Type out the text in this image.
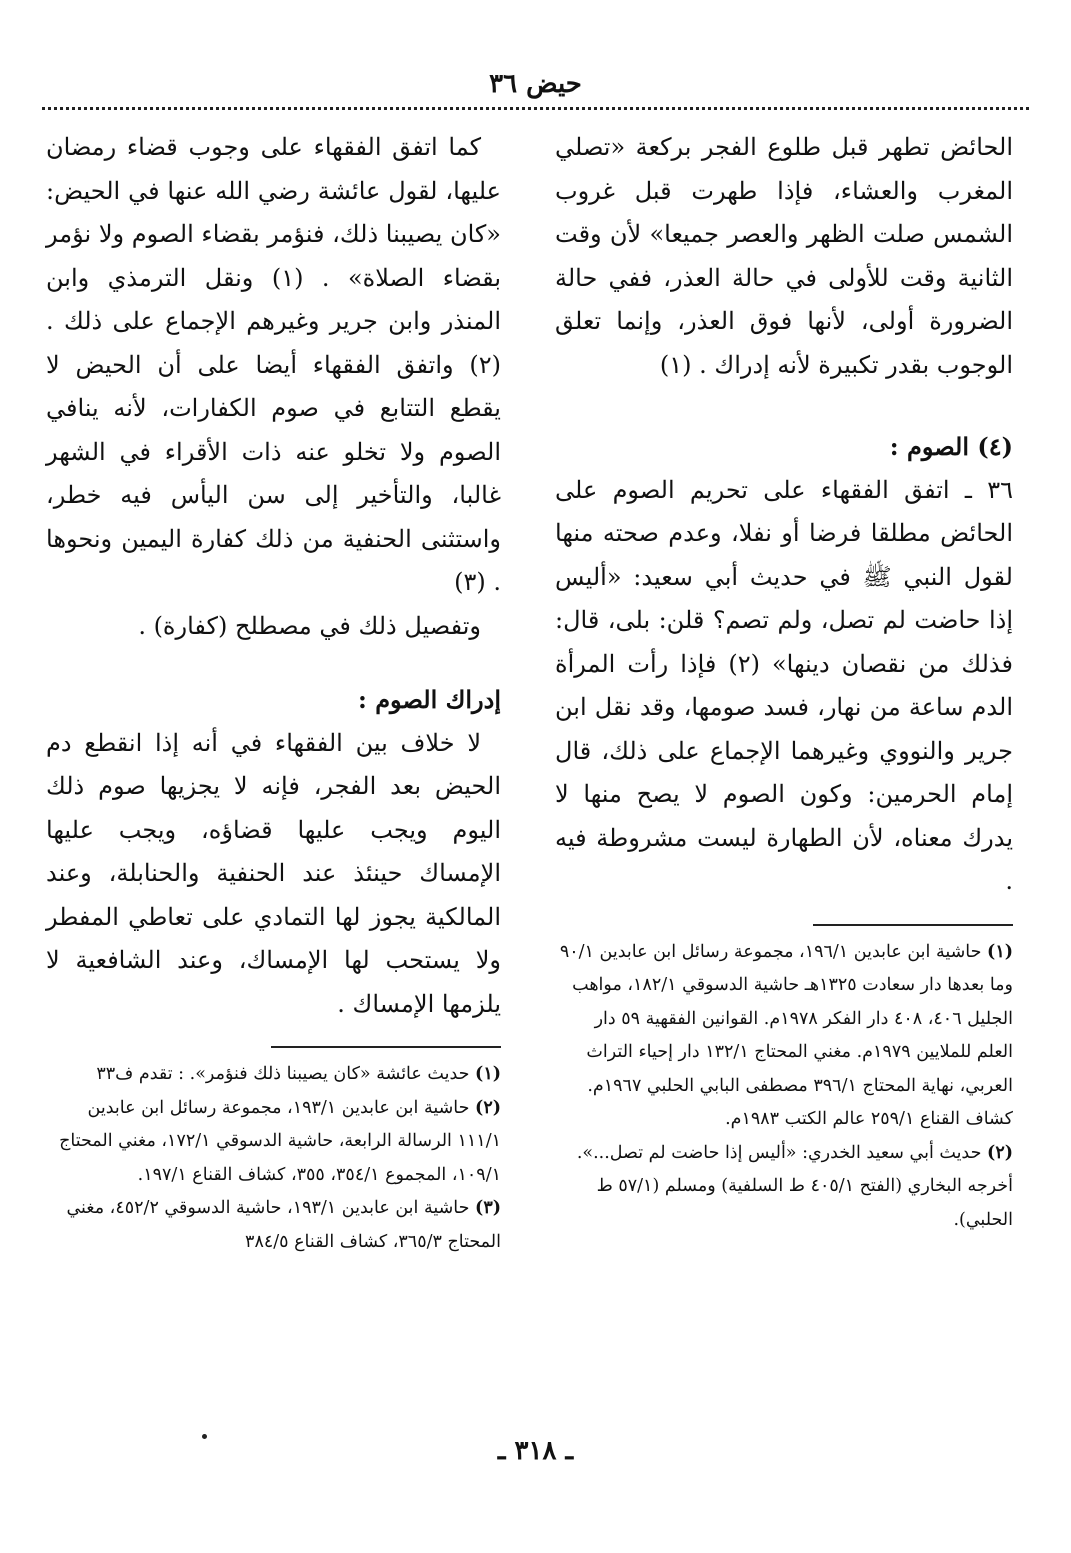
حيض ٣٦

الحائض تطهر قبل طلوع الفجر بركعة «تصلي المغرب والعشاء، فإذا طهرت قبل غروب الشمس صلت الظهر والعصر جميعا» لأن وقت الثانية وقت للأولى في حالة العذر، ففي حالة الضرورة أولى، لأنها فوق العذر، وإنما تعلق الوجوب بقدر تكبيرة لأنه إدراك . (١)

(٤) الصوم :

٣٦ ـ اتفق الفقهاء على تحريم الصوم على الحائض مطلقا فرضا أو نفلا، وعدم صحته منها لقول النبي ﷺ في حديث أبي سعيد: «أليس إذا حاضت لم تصل، ولم تصم؟ قلن: بلى، قال: فذلك من نقصان دينها» (٢) فإذا رأت المرأة الدم ساعة من نهار، فسد صومها، وقد نقل ابن جرير والنووي وغيرهما الإجماع على ذلك، قال إمام الحرمين: وكون الصوم لا يصح منها لا يدرك معناه، لأن الطهارة ليست مشروطة فيه .

(١) حاشية ابن عابدين ١٩٦/١، مجموعة رسائل ابن عابدين ٩٠/١ وما بعدها دار سعادت ١٣٢٥هـ حاشية الدسوقي ١٨٢/١، مواهب الجليل ٤٠٦، ٤٠٨ دار الفكر ١٩٧٨م. القوانين الفقهية ٥٩ دار العلم للملايين ١٩٧٩م. مغني المحتاج ١٣٢/١ دار إحياء التراث العربي، نهاية المحتاج ٣٩٦/١ مصطفى البابي الحلبي ١٩٦٧م. كشاف القناع ٢٥٩/١ عالم الكتب ١٩٨٣م.

(٢) حديث أبي سعيد الخدري: «أليس إذا حاضت لم تصل...». أخرجه البخاري (الفتح ٤٠٥/١ ط السلفية) ومسلم (٥٧/١ ط الحلبي).

كما اتفق الفقهاء على وجوب قضاء رمضان عليها، لقول عائشة رضي الله عنها في الحيض: «كان يصيبنا ذلك، فنؤمر بقضاء الصوم ولا نؤمر بقضاء الصلاة» . (١) ونقل الترمذي وابن المنذر وابن جرير وغيرهم الإجماع على ذلك . (٢) واتفق الفقهاء أيضا على أن الحيض لا يقطع التتابع في صوم الكفارات، لأنه ينافي الصوم ولا تخلو عنه ذات الأقراء في الشهر غالبا، والتأخير إلى سن اليأس فيه خطر، واستثنى الحنفية من ذلك كفارة اليمين ونحوها . (٣)

وتفصيل ذلك في مصطلح (كفارة) .

إدراك الصوم :

لا خلاف بين الفقهاء في أنه إذا انقطع دم الحيض بعد الفجر، فإنه لا يجزيها صوم ذلك اليوم ويجب عليها قضاؤه، ويجب عليها الإمساك حينئذ عند الحنفية والحنابلة، وعند المالكية يجوز لها التمادي على تعاطي المفطر ولا يستحب لها الإمساك، وعند الشافعية لا يلزمها الإمساك .

(١) حديث عائشة «كان يصيبنا ذلك فنؤمر». : تقدم ف٣٣

(٢) حاشية ابن عابدين ١٩٣/١، مجموعة رسائل ابن عابدين ١١١/١ الرسالة الرابعة، حاشية الدسوقي ١٧٢/١، مغني المحتاج ١٠٩/١، المجموع ٣٥٤/١، ٣٥٥، كشاف القناع ١٩٧/١.

(٣) حاشية ابن عابدين ١٩٣/١، حاشية الدسوقي ٤٥٢/٢، مغني المحتاج ٣٦٥/٣، كشاف القناع ٣٨٤/٥

ـ ٣١٨ ـ
